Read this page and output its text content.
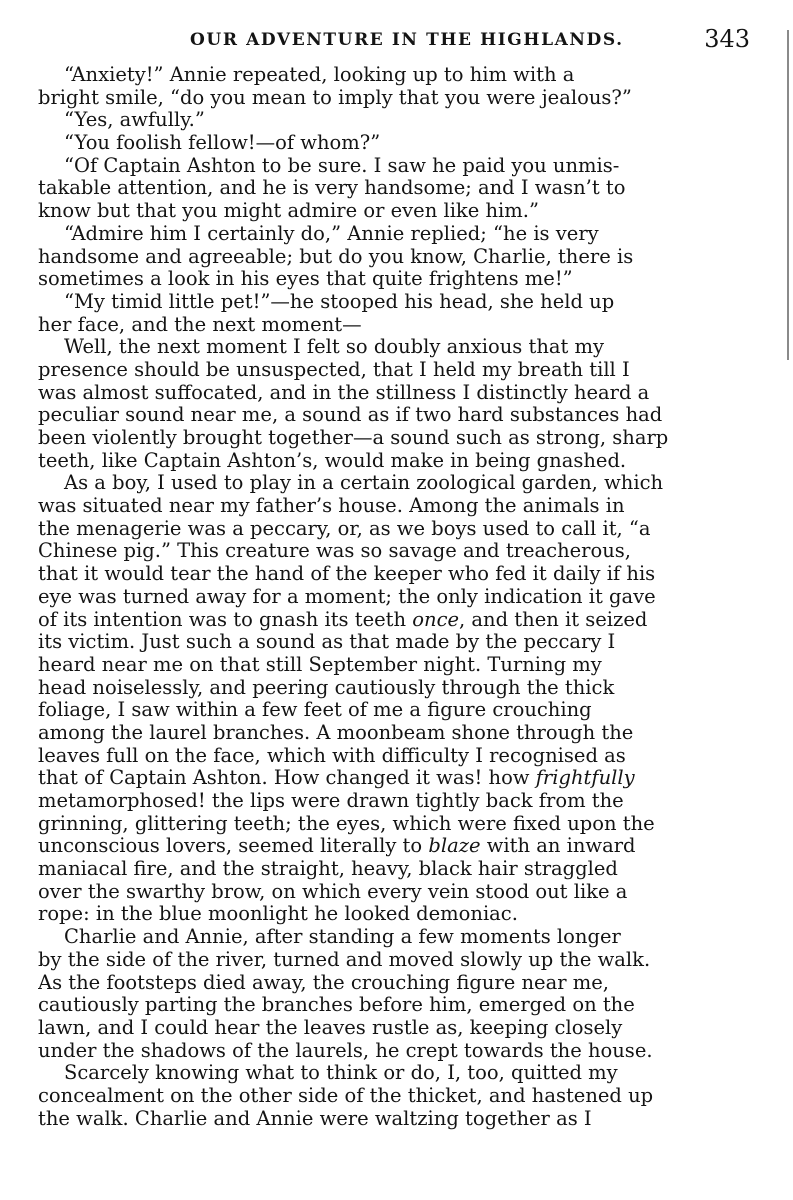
OUR ADVENTURE IN THE HIGHLANDS.	343

“Anxiety!” Annie repeated, looking up to him with a
bright smile, “do you mean to imply that you were jealous?”

“Yes, awfully.”

“You foolish fellow!—of whom?”

“Of Captain Ashton to be sure. I saw he paid you unmis-
takable attention, and he is very handsome; and I wasn’t to
know but that you might admire or even like him.”

“Admire him I certainly do,” Annie replied; “he is very
handsome and agreeable; but do you know, Charlie, there is
sometimes a look in his eyes that quite frightens me!”

“My timid little pet!”—he stooped his head, she held up
her face, and the next moment—

Well, the next moment I felt so doubly anxious that my
presence should be unsuspected, that I held my breath till I
was almost suffocated, and in the stillness I distinctly heard a
peculiar sound near me, a sound as if two hard substances had
been violently brought together—a sound such as strong, sharp
teeth, like Captain Ashton’s, would make in being gnashed.

As a boy, I used to play in a certain zoological garden, which
was situated near my father’s house. Among the animals in
the menagerie was a peccary, or, as we boys used to call it, “a
Chinese pig.” This creature was so savage and treacherous,
that it would tear the hand of the keeper who fed it daily if his
eye was turned away for a moment; the only indication it gave
of its intention was to gnash its teeth once, and then it seized
its victim. Just such a sound as that made by the peccary I
heard near me on that still September night. Turning my
head noiselessly, and peering cautiously through the thick
foliage, I saw within a few feet of me a figure crouching
among the laurel branches. A moonbeam shone through the
leaves full on the face, which with difficulty I recognised as
that of Captain Ashton. How changed it was! how frightfully
metamorphosed! the lips were drawn tightly back from the
grinning, glittering teeth; the eyes, which were fixed upon the
unconscious lovers, seemed literally to blaze with an inward
maniacal fire, and the straight, heavy, black hair straggled
over the swarthy brow, on which every vein stood out like a
rope: in the blue moonlight he looked demoniac.

Charlie and Annie, after standing a few moments longer
by the side of the river, turned and moved slowly up the walk.
As the footsteps died away, the crouching figure near me,
cautiously parting the branches before him, emerged on the
lawn, and I could hear the leaves rustle as, keeping closely
under the shadows of the laurels, he crept towards the house.

Scarcely knowing what to think or do, I, too, quitted my
concealment on the other side of the thicket, and hastened up
the walk. Charlie and Annie were waltzing together as I
